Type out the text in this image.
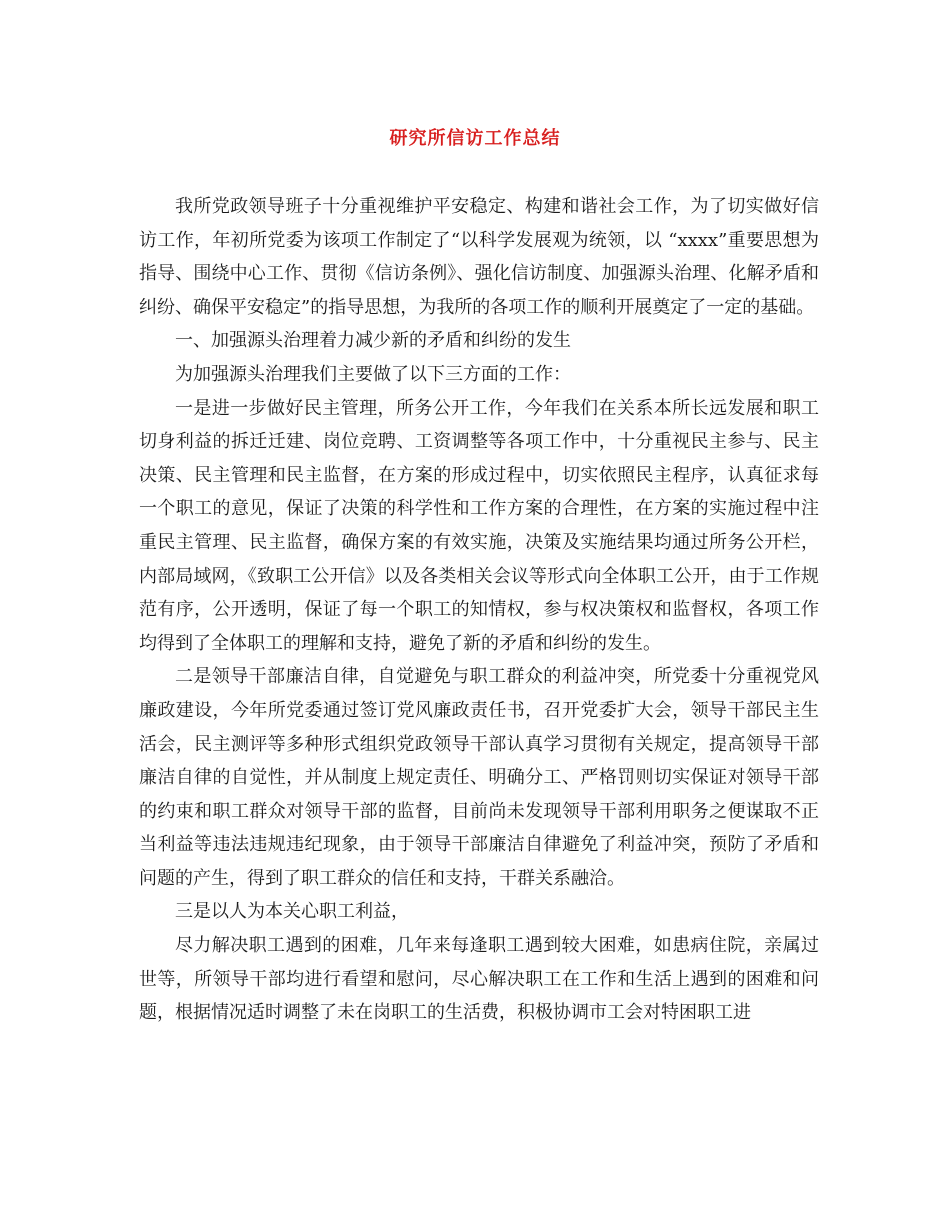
研究所信访工作总结

我所党政领导班子十分重视维护平安稳定、构建和谐社会工作，为了切实做好信访工作，年初所党委为该项工作制定了“以科学发展观为统领，以 “xxxx”重要思想为指导、围绕中心工作、贯彻《信访条例》、强化信访制度、加强源头治理、化解矛盾和纠纷、确保平安稳定”的指导思想，为我所的各项工作的顺利开展奠定了一定的基础。

一、加强源头治理着力减少新的矛盾和纠纷的发生

为加强源头治理我们主要做了以下三方面的工作：

一是进一步做好民主管理，所务公开工作，今年我们在关系本所长远发展和职工切身利益的拆迁迁建、岗位竞聘、工资调整等各项工作中，十分重视民主参与、民主决策、民主管理和民主监督，在方案的形成过程中，切实依照民主程序，认真征求每一个职工的意见，保证了决策的科学性和工作方案的合理性，在方案的实施过程中注重民主管理、民主监督，确保方案的有效实施，决策及实施结果均通过所务公开栏，内部局域网，《致职工公开信》以及各类相关会议等形式向全体职工公开，由于工作规范有序，公开透明，保证了每一个职工的知情权，参与权决策权和监督权，各项工作均得到了全体职工的理解和支持，避免了新的矛盾和纠纷的发生。

二是领导干部廉洁自律，自觉避免与职工群众的利益冲突，所党委十分重视党风廉政建设，今年所党委通过签订党风廉政责任书，召开党委扩大会，领导干部民主生活会，民主测评等多种形式组织党政领导干部认真学习贯彻有关规定，提高领导干部廉洁自律的自觉性，并从制度上规定责任、明确分工、严格罚则切实保证对领导干部的约束和职工群众对领导干部的监督，目前尚未发现领导干部利用职务之便谋取不正当利益等违法违规违纪现象，由于领导干部廉洁自律避免了利益冲突，预防了矛盾和问题的产生，得到了职工群众的信任和支持，干群关系融洽。

三是以人为本关心职工利益，

尽力解决职工遇到的困难，几年来每逢职工遇到较大困难，如患病住院，亲属过世等，所领导干部均进行看望和慰问，尽心解决职工在工作和生活上遇到的困难和问题，根据情况适时调整了未在岗职工的生活费，积极协调市工会对特困职工进
